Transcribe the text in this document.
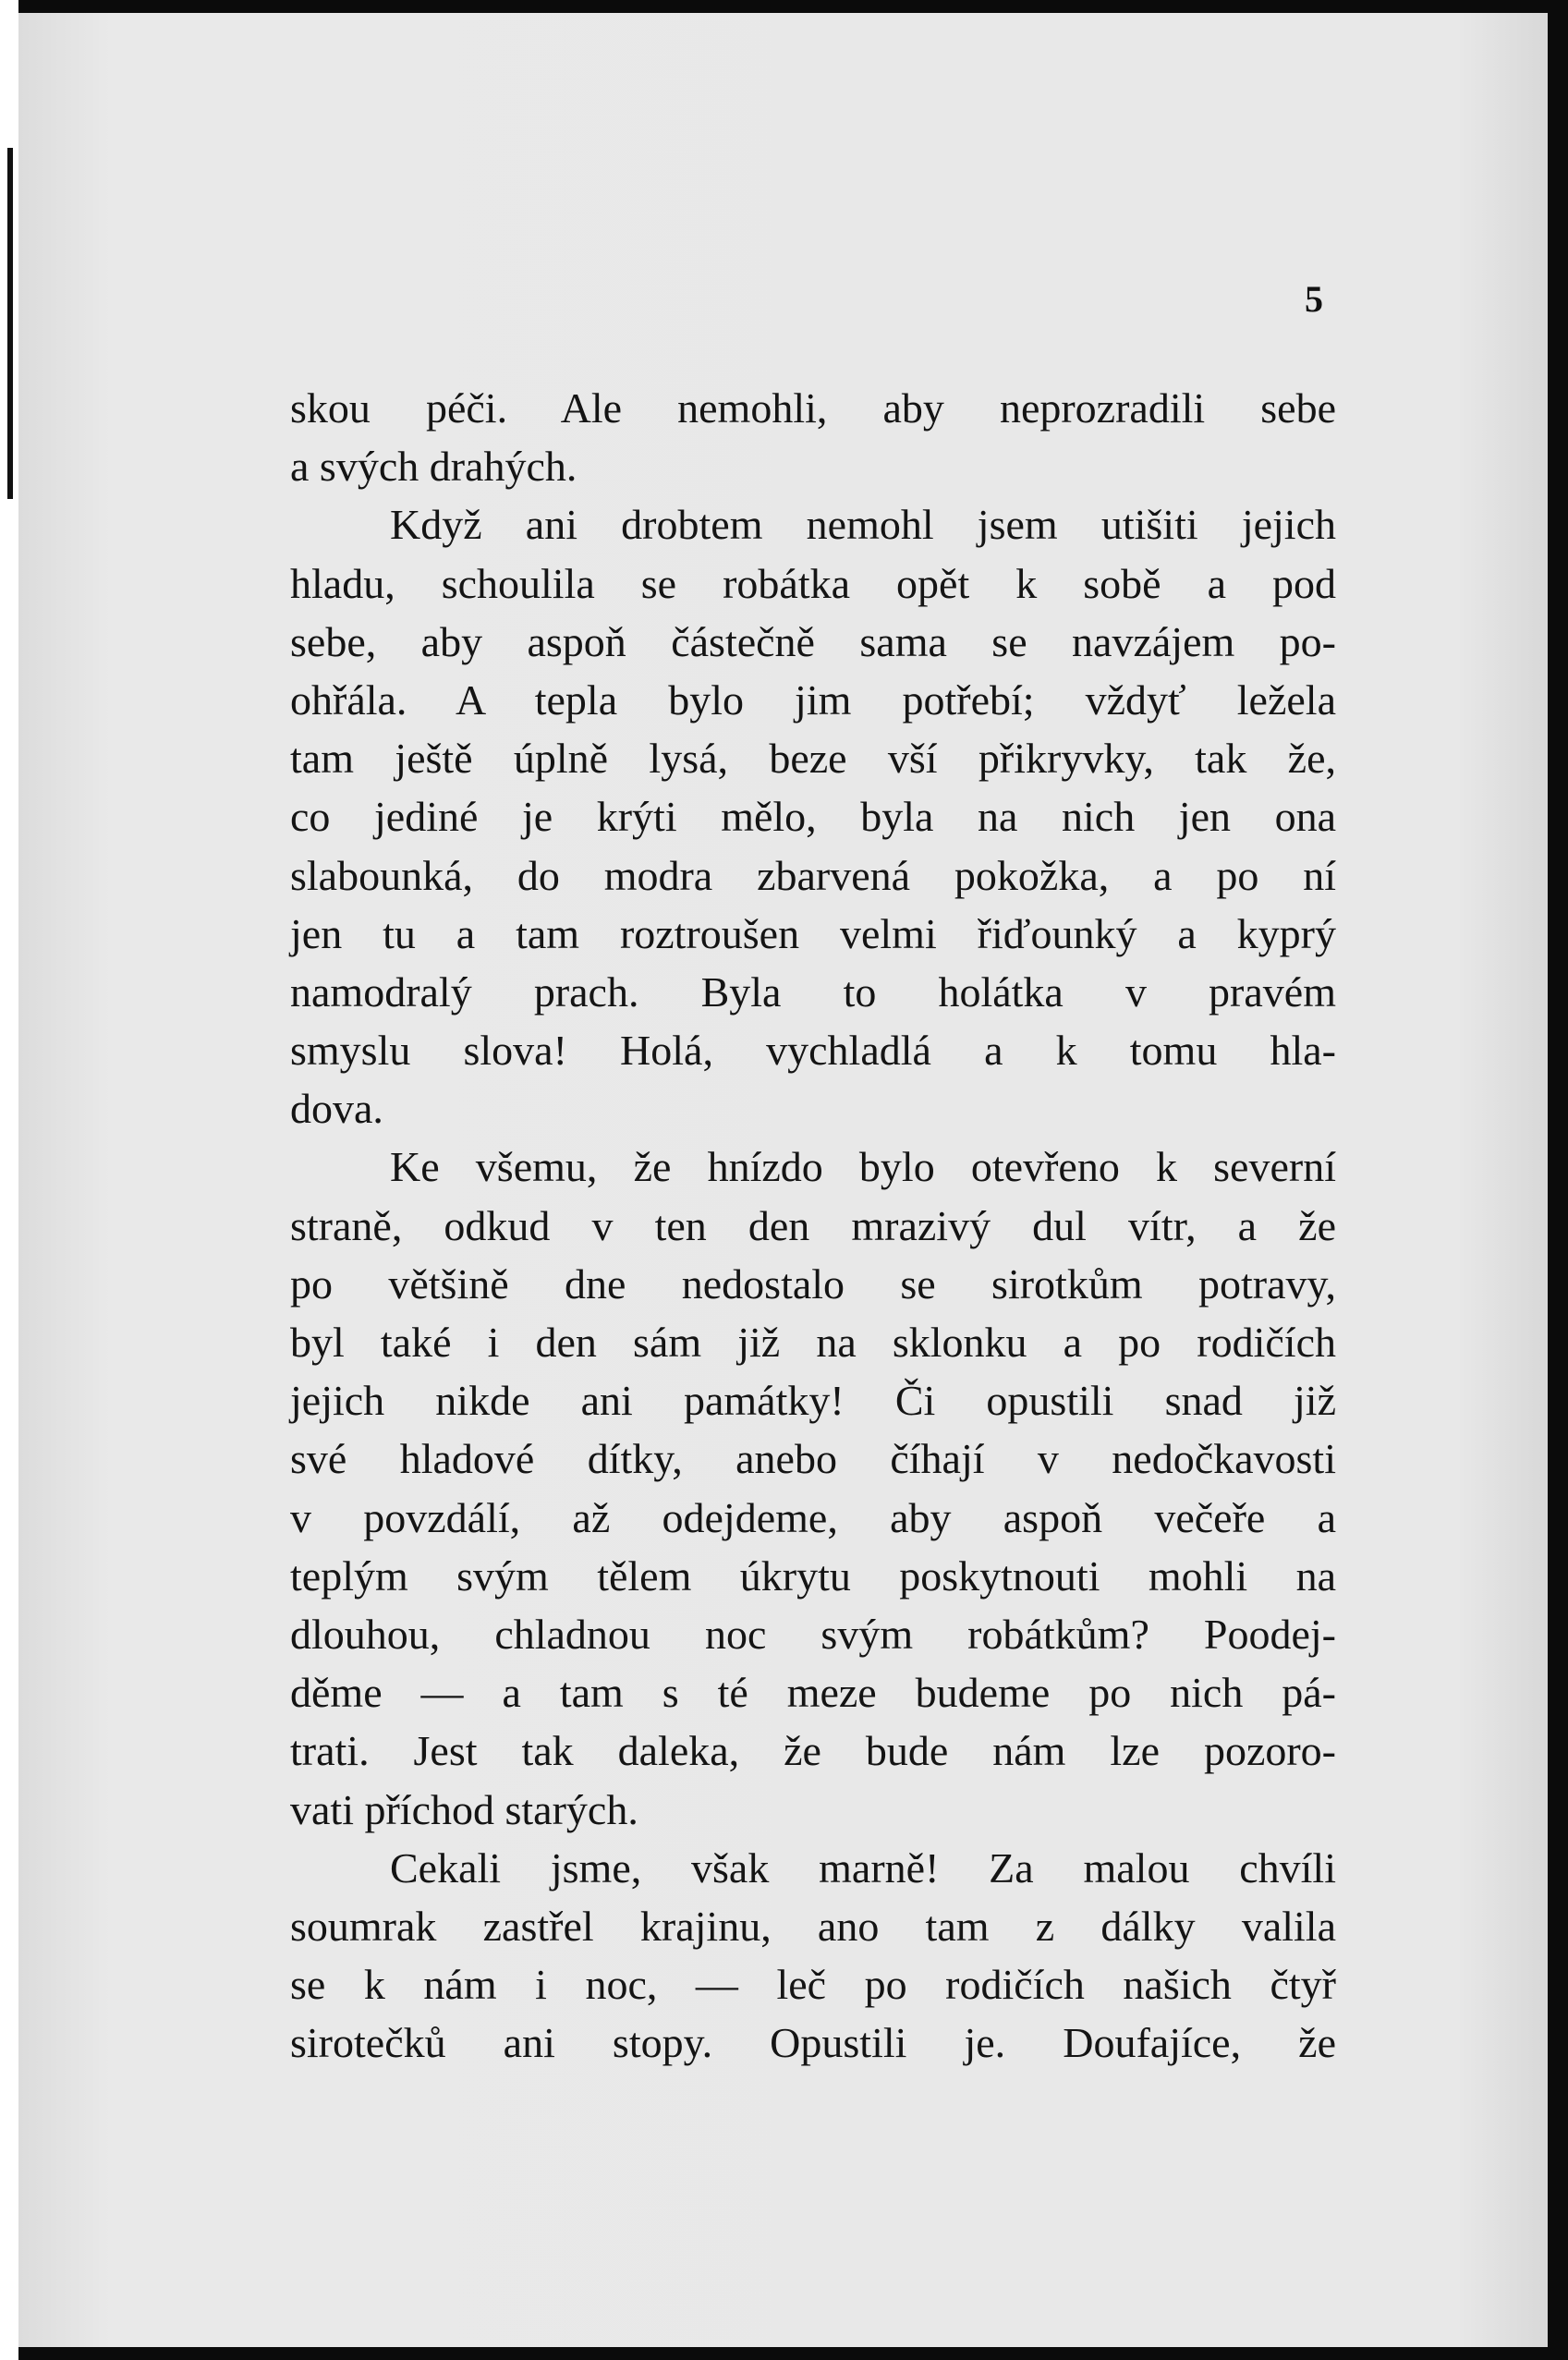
5
skou péči. Ale nemohli, aby neprozradili sebe
a svých drahých.
Když ani drobtem nemohl jsem utišiti jejich
hladu, schoulila se robátka opět k sobě a pod
sebe, aby aspoň částečně sama se navzájem po-
ohřála. A tepla bylo jim potřebí; vždyť ležela
tam ještě úplně lysá, beze vší přikryvky, tak že,
co jediné je krýti mělo, byla na nich jen ona
slabounká, do modra zbarvená pokožka, a po ní
jen tu a tam roztroušen velmi řiďounký a kyprý
namodralý prach. Byla to holátka v pravém
smyslu slova! Holá, vychladlá a k tomu hla-
dova.
Ke všemu, že hnízdo bylo otevřeno k severní
straně, odkud v ten den mrazivý dul vítr, a že
po většině dne nedostalo se sirotkům potravy,
byl také i den sám již na sklonku a po rodičích
jejich nikde ani památky! Či opustili snad již
své hladové dítky, anebo číhají v nedočkavosti
v povzdálí, až odejdeme, aby aspoň večeře a
teplým svým tělem úkrytu poskytnouti mohli na
dlouhou, chladnou noc svým robátkům? Poodej-
děme — a tam s té meze budeme po nich pá-
trati. Jest tak daleka, že bude nám lze pozoro-
vati příchod starých.
Cekali jsme, však marně! Za malou chvíli
soumrak zastřel krajinu, ano tam z dálky valila
se k nám i noc, — leč po rodičích našich čtyř
sirotečků ani stopy. Opustili je. Doufajíce, že
